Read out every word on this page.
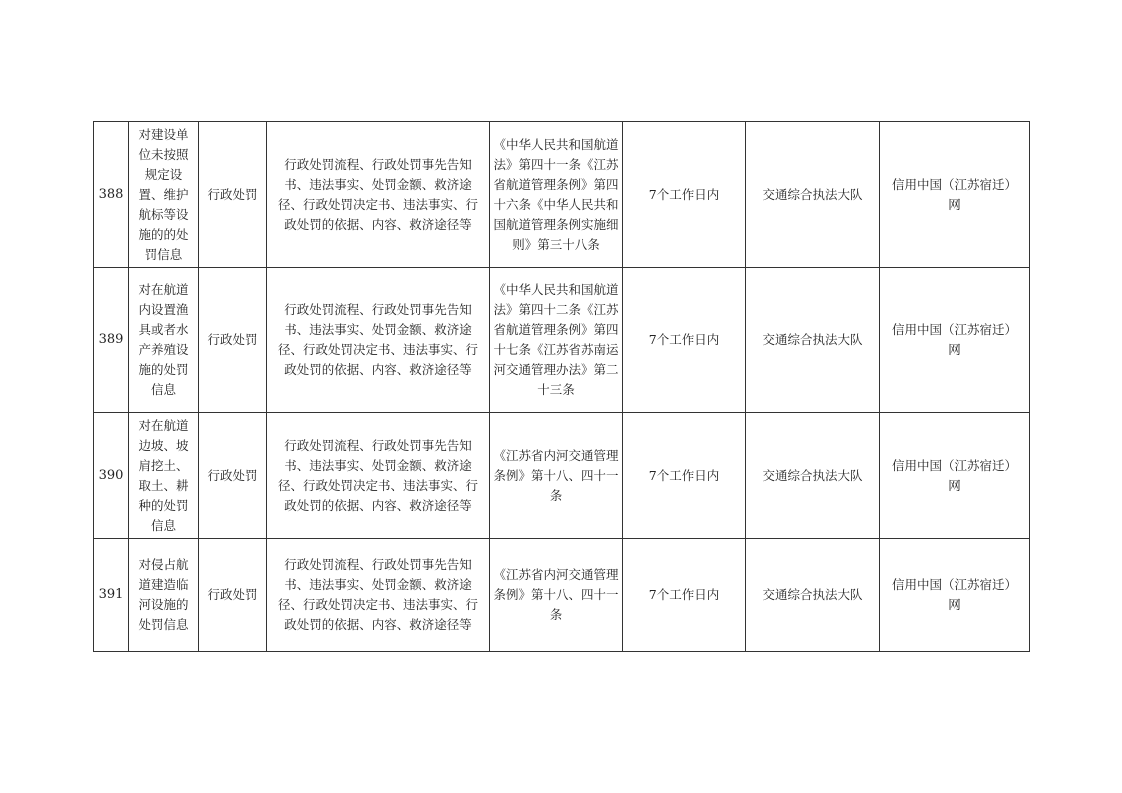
388	对建设单位未按照规定设置、维护航标等设施的的处罚信息	行政处罚	行政处罚流程、行政处罚事先告知书、违法事实、处罚金额、救济途径、行政处罚决定书、违法事实、行政处罚的依据、内容、救济途径等	《中华人民共和国航道法》第四十一条《江苏省航道管理条例》第四十六条《中华人民共和国航道管理条例实施细则》第三十八条	7个工作日内	交通综合执法大队	信用中国（江苏宿迁）网
389	对在航道内设置渔具或者水产养殖设施的处罚信息	行政处罚	行政处罚流程、行政处罚事先告知书、违法事实、处罚金额、救济途径、行政处罚决定书、违法事实、行政处罚的依据、内容、救济途径等	《中华人民共和国航道法》第四十二条《江苏省航道管理条例》第四十七条《江苏省苏南运河交通管理办法》第二十三条	7个工作日内	交通综合执法大队	信用中国（江苏宿迁）网
390	对在航道边坡、坡肩挖土、取土、耕种的处罚信息	行政处罚	行政处罚流程、行政处罚事先告知书、违法事实、处罚金额、救济途径、行政处罚决定书、违法事实、行政处罚的依据、内容、救济途径等	《江苏省内河交通管理条例》第十八、四十一条	7个工作日内	交通综合执法大队	信用中国（江苏宿迁）网
391	对侵占航道建造临河设施的处罚信息	行政处罚	行政处罚流程、行政处罚事先告知书、违法事实、处罚金额、救济途径、行政处罚决定书、违法事实、行政处罚的依据、内容、救济途径等	《江苏省内河交通管理条例》第十八、四十一条	7个工作日内	交通综合执法大队	信用中国（江苏宿迁）网
